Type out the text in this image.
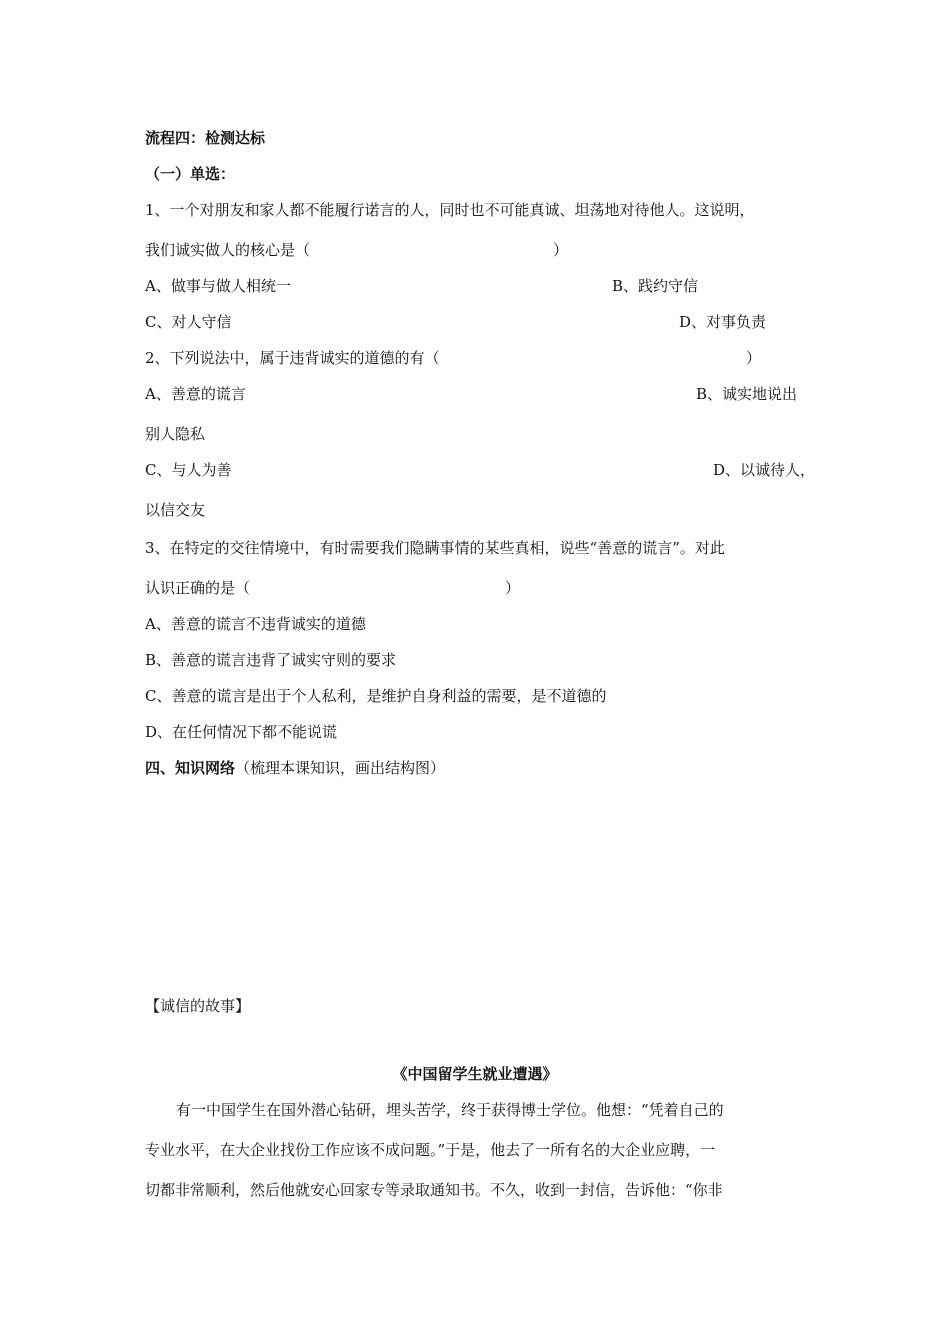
流程四：检测达标
（一）单选：
1、一个对朋友和家人都不能履行诺言的人，同时也不可能真诚、坦荡地对待他人。这说明，
我们诚实做人的核心是（	）
A、做事与做人相统一	B、践约守信
C、对人守信	D、对事负责
2、下列说法中，属于违背诚实的道德的有（	）
A、善意的谎言	B、诚实地说出
别人隐私
C、与人为善	D、以诚待人，
以信交友
3、在特定的交往情境中，有时需要我们隐瞒事情的某些真相，说些“善意的谎言”。对此
认识正确的是（	）
A、善意的谎言不违背诚实的道德
B、善意的谎言违背了诚实守则的要求
C、善意的谎言是出于个人私利，是维护自身利益的需要，是不道德的
D、在任何情况下都不能说谎
四、知识网络（梳理本课知识，画出结构图）
【诚信的故事】
《中国留学生就业遭遇》
有一中国学生在国外潜心钻研，埋头苦学，终于获得博士学位。他想：“凭着自己的
专业水平，在大企业找份工作应该不成问题。”于是，他去了一所有名的大企业应聘，一
切都非常顺利，然后他就安心回家专等录取通知书。不久，收到一封信，告诉他：“你非
